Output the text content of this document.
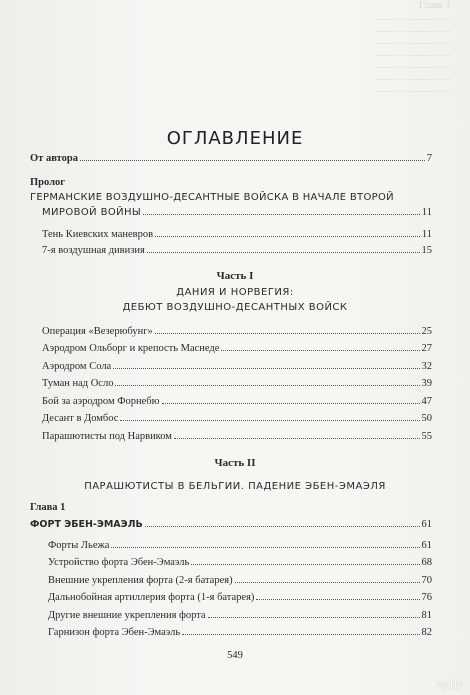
Глава 3
..............................
..............................
..............................
..............................
..............................
..............................
..............................
ОГЛАВЛЕНИЕ
От автора	7
Пролог
ГЕРМАНСКИЕ ВОЗДУШНО-ДЕСАНТНЫЕ ВОЙСКА В НАЧАЛЕ ВТОРОЙ
МИРОВОЙ ВОЙНЫ	11
Тень Киевских маневров	11
7-я воздушная дивизия	15
Часть I
ДАНИЯ И НОРВЕГИЯ:
ДЕБЮТ ВОЗДУШНО-ДЕСАНТНЫХ ВОЙСК
Операция «Везерюбунг»	25
Аэродром Ольборг и крепость Маснеде	27
Аэродром Сола	32
Туман над Осло	39
Бой за аэродром Форнебю	47
Десант в Домбос	50
Парашютисты под Нарвиком	55
Часть II
ПАРАШЮТИСТЫ В БЕЛЬГИИ. ПАДЕНИЕ ЭБЕН-ЭМАЭЛЯ
Глава 1
ФОРТ ЭБЕН-ЭМАЭЛЬ	61
Форты Льежа	61
Устройство форта Эбен-Эмаэль	68
Внешние укрепления форта (2-я батарея)	70
Дальнобойная артиллерия форта (1-я батарея)	76
Другие внешние укрепления форта	81
Гарнизон форта Эбен-Эмаэль	82
549
ay.by
